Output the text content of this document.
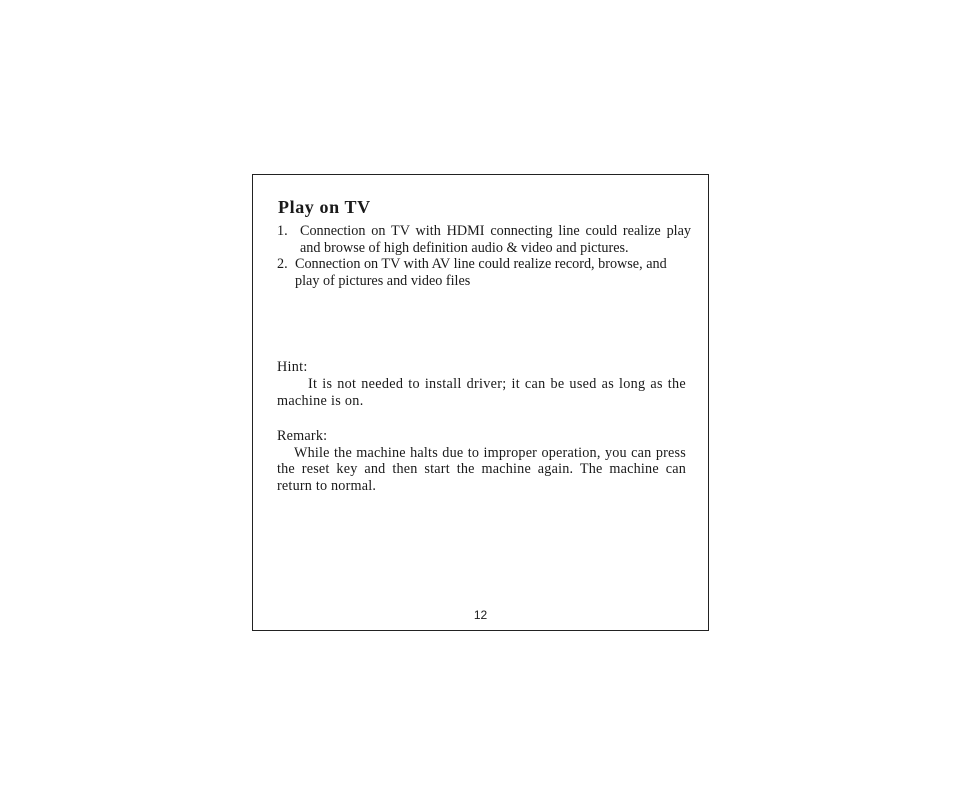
Play on TV
1. Connection on TV with HDMI connecting line could realize play and browse of high definition audio & video and pictures.
2. Connection on TV with AV line could realize record, browse, and play of pictures and video files
Hint:
It is not needed to install driver; it can be used as long as the machine is on.
Remark:
While the machine halts due to improper operation, you can press the reset key and then start the machine again. The machine can return to normal.
12
